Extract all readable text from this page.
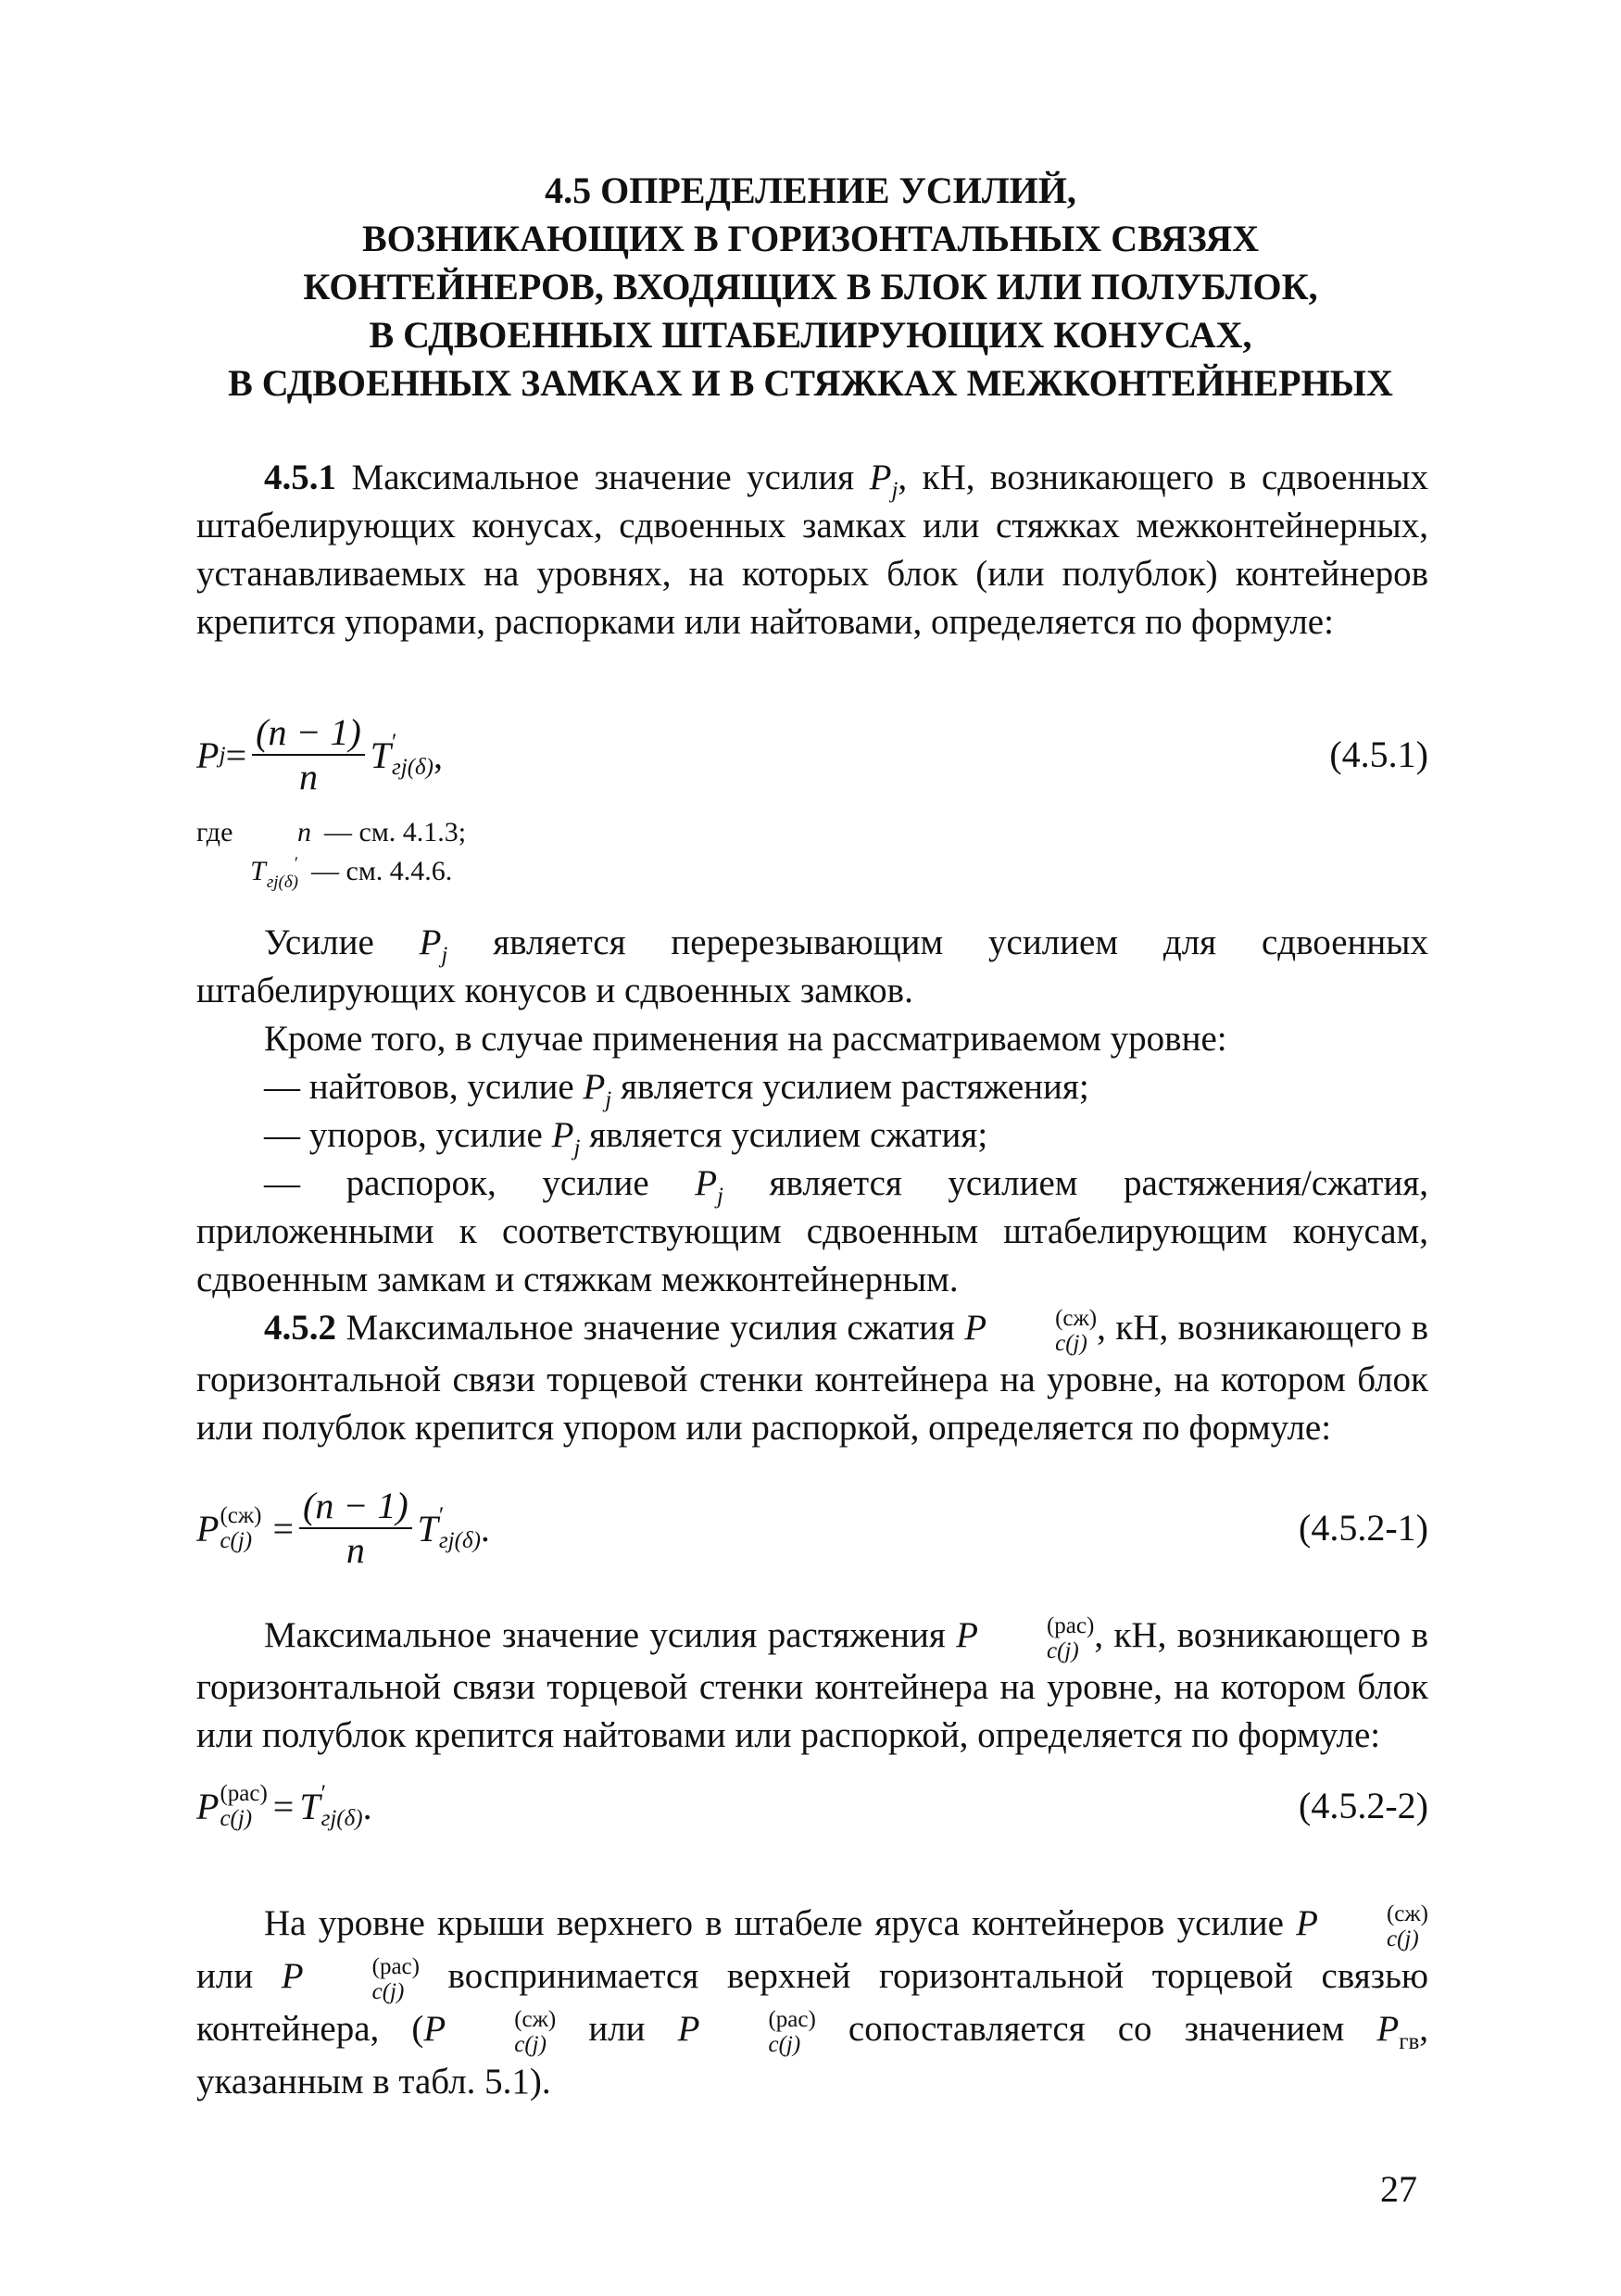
4.5 ОПРЕДЕЛЕНИЕ УСИЛИЙ,
ВОЗНИКАЮЩИХ В ГОРИЗОНТАЛЬНЫХ СВЯЗЯХ
КОНТЕЙНЕРОВ, ВХОДЯЩИХ В БЛОК ИЛИ ПОЛУБЛОК,
В СДВОЕННЫХ ШТАБЕЛИРУЮЩИХ КОНУСАХ,
В СДВОЕННЫХ ЗАМКАХ И В СТЯЖКАХ МЕЖКОНТЕЙНЕРНЫХ

4.5.1 Максимальное значение усилия $P_j$, кН, возникающего в сдвоенных штабелирующих конусах, сдвоенных замках или стяжках межконтейнерных, устанавливаемых на уровнях, на которых блок (или полублок) контейнеров крепится упорами, распорками или найтовами, определяется по формуле:

P $j = \frac{(n - 1)}{n}$ T ′
гj(δ) ,	(4.5.1)
где	n — см. 4.1.3;
T	′
гj(δ) — см. 4.4.6.

Усилие $P_j$ является перерезывающим усилием для сдвоенных штабелирующих конусов и сдвоенных замков.

Кроме того, в случае применения на рассматриваемом уровне:

— найтовов, усилие $P_j$ является усилием растяжения;

— упоров, усилие $P_j$ является усилием сжатия;

— распорок, усилие $P_j$ является усилием растяжения/сжатия, приложенными к соответствующим сдвоенным штабелирующим конусам, сдвоенным замкам и стяжкам межконтейнерным.

4.5.2 Максимальное значение усилия сжатия P	(сж)
c(j) , кН, возникающего в горизонтальной связи торцевой стенки контейнера на уровне, на котором блок или полублок крепится упором или распоркой, определяется по формуле:

P (сж)
$c(j) = \frac{(n - 1)}{n}$ T ′
гj(δ) .	(4.5.2-1)

Максимальное значение усилия растяжения P	(рас)
c(j) , кН, возникающего в горизонтальной связи торцевой стенки контейнера на уровне, на котором блок или полублок крепится найтовами или распоркой, определяется по формуле:

P (рас)
c(j) = T ′
гj(δ) .	(4.5.2-2)

На уровне крыши верхнего в штабеле яруса контейнеров усилие P	(сж)
c(j)
или P	(рас)
c(j) воспринимается верхней горизонтальной торцевой связью контейнера, (P	(сж)
c(j) или P	(рас)
c(j) сопоставляется со значением $P_{гв}$, указанным в табл. 5.1).

27
